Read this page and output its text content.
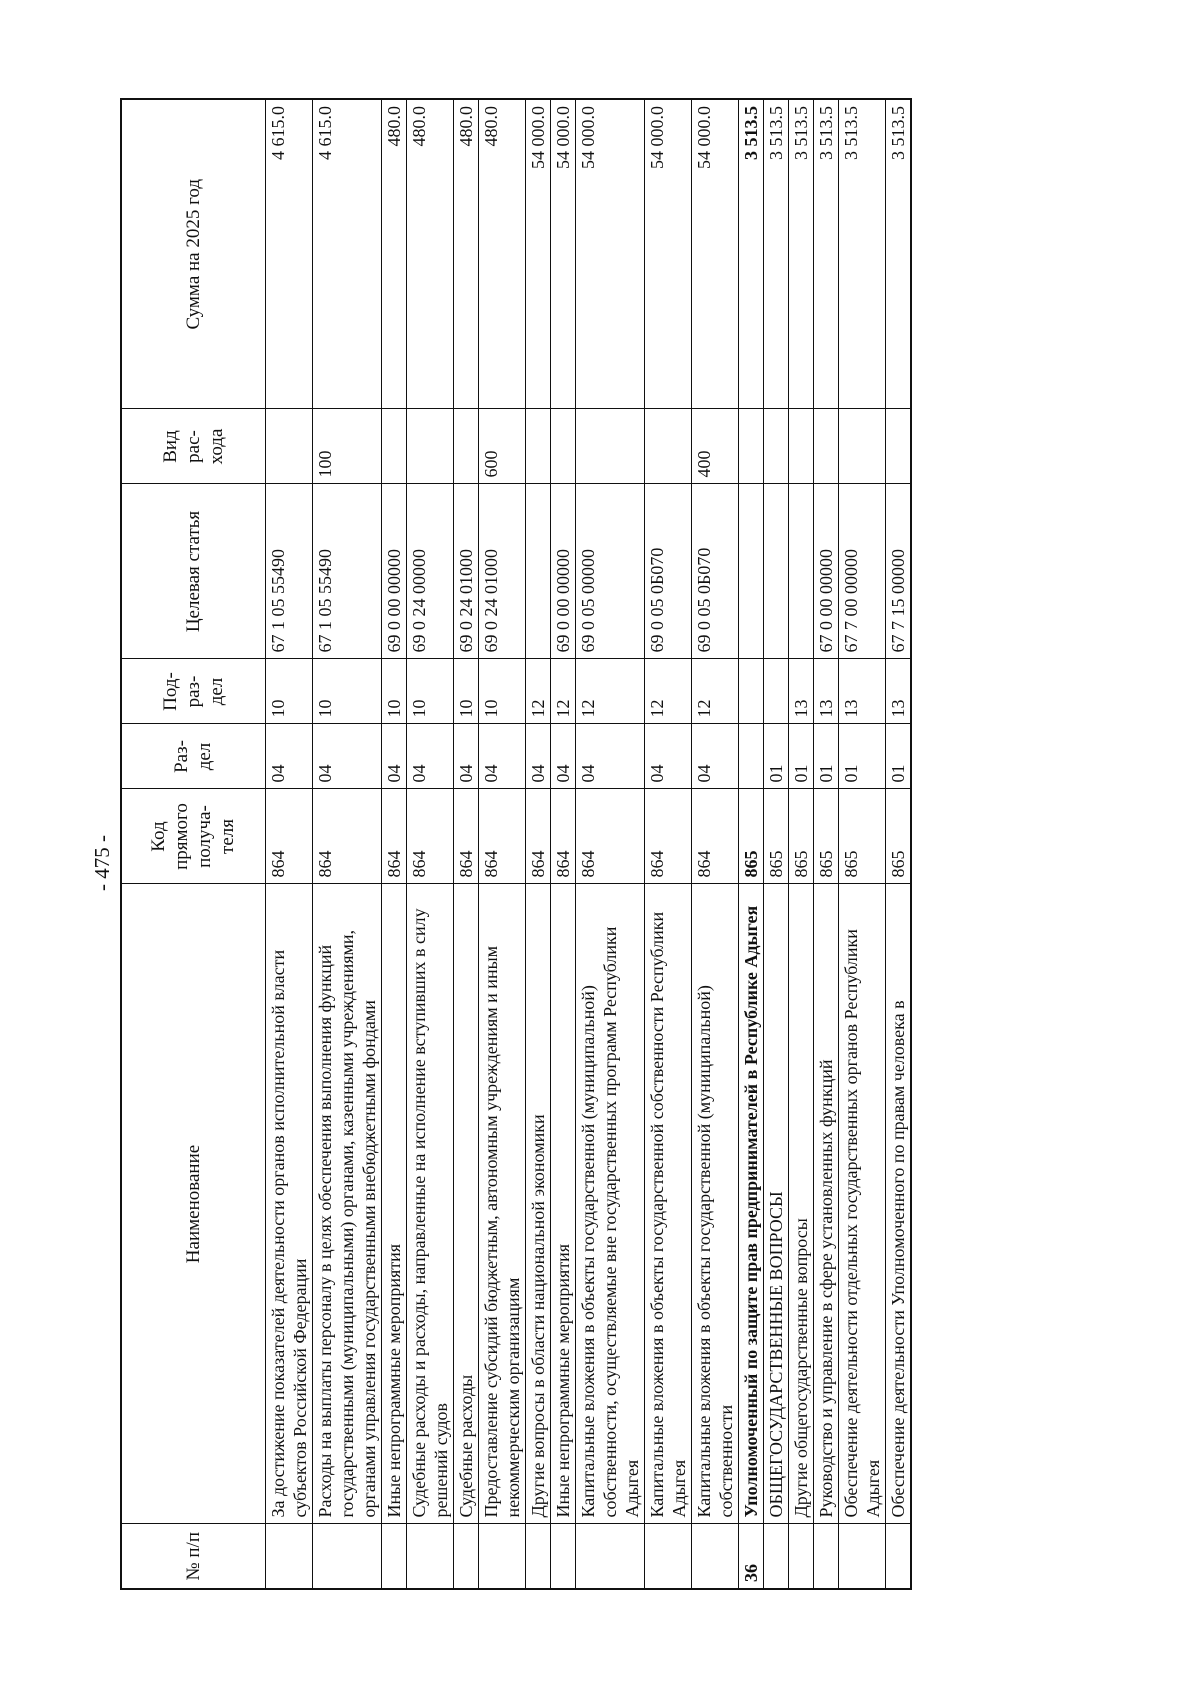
- 475 -
№ п/п	Наименование	Код прямого получа-теля	Раз-дел	Под-раз-дел	Целевая статья	Вид рас-хода	Сумма на 2025 год
	За достижение показателей деятельности органов исполнительной власти субъектов Российской Федерации	864	04	10	67 1 05 55490		4 615.0
	Расходы на выплаты персоналу в целях обеспечения выполнения функций государственными (муниципальными) органами, казенными учреждениями, органами управления государственными внебюджетными фондами	864	04	10	67 1 05 55490	100	4 615.0
	Иные непрограммные мероприятия	864	04	10	69 0 00 00000		480.0
	Судебные расходы и расходы, направленные на исполнение вступивших в силу решений судов	864	04	10	69 0 24 00000		480.0
	Судебные расходы	864	04	10	69 0 24 01000		480.0
	Предоставление субсидий бюджетным, автономным учреждениям и иным некоммерческим организациям	864	04	10	69 0 24 01000	600	480.0
	Другие вопросы в области национальной экономики	864	04	12			54 000.0
	Иные непрограммные мероприятия	864	04	12	69 0 00 00000		54 000.0
	Капитальные вложения в объекты государственной (муниципальной) собственности, осуществляемые вне государственных программ Республики Адыгея	864	04	12	69 0 05 00000		54 000.0
	Капитальные вложения в объекты государственной собственности Республики Адыгея	864	04	12	69 0 05 0Б070		54 000.0
	Капитальные вложения в объекты государственной (муниципальной) собственности	864	04	12	69 0 05 0Б070	400	54 000.0
36	Уполномоченный по защите прав предпринимателей в Республике Адыгея	865					3 513.5
	ОБЩЕГОСУДАРСТВЕННЫЕ ВОПРОСЫ	865	01				3 513.5
	Другие общегосударственные вопросы	865	01	13			3 513.5
	Руководство и управление в сфере установленных функций	865	01	13	67 0 00 00000		3 513.5
	Обеспечение деятельности отдельных государственных органов Республики Адыгея	865	01	13	67 7 00 00000		3 513.5
	Обеспечение деятельности Уполномоченного по правам человека в	865	01	13	67 7 15 00000		3 513.5
